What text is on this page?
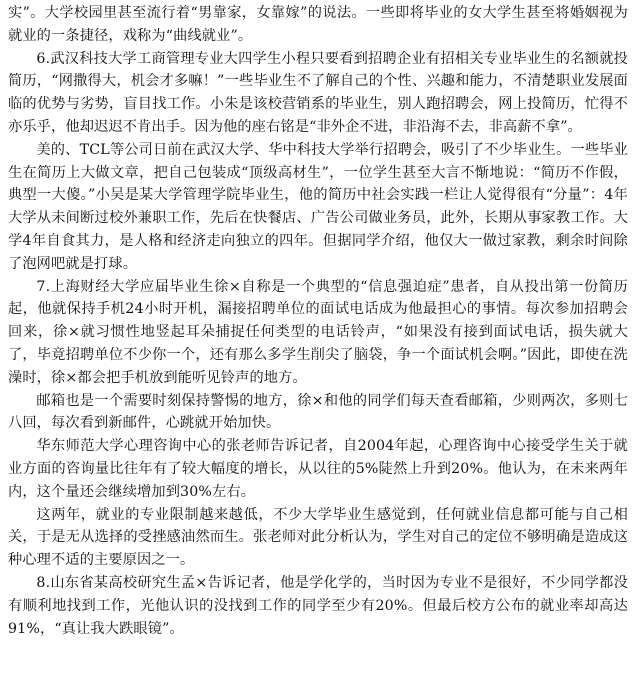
实”。大学校园里甚至流行着“男靠家，女靠嫁”的说法。一些即将毕业的女大学生甚至将婚姻视为就业的一条捷径，戏称为“曲线就业”。

6.武汉科技大学工商管理专业大四学生小程只要看到招聘企业有招相关专业毕业生的名额就投简历，“网撒得大，机会才多嘛！”一些毕业生不了解自己的个性、兴趣和能力，不清楚职业发展面临的优势与劣势，盲目找工作。小朱是该校营销系的毕业生，别人跑招聘会，网上投简历，忙得不亦乐乎，他却迟迟不肯出手。因为他的座右铭是“非外企不进，非沿海不去，非高薪不拿”。

美的、TCL等公司日前在武汉大学、华中科技大学举行招聘会，吸引了不少毕业生。一些毕业生在简历上大做文章，把自己包装成“顶级高材生”，一位学生甚至大言不惭地说：“简历不作假，典型一大傻。”小吴是某大学管理学院毕业生，他的简历中社会实践一栏让人觉得很有“分量”：4年大学从未间断过校外兼职工作，先后在快餐店、广告公司做业务员，此外，长期从事家教工作。大学4年自食其力，是人格和经济走向独立的四年。但据同学介绍，他仅大一做过家教，剩余时间除了泡网吧就是打球。

7.上海财经大学应届毕业生徐×自称是一个典型的“信息强迫症”患者，自从投出第一份简历起，他就保持手机24小时开机，漏接招聘单位的面试电话成为他最担心的事情。每次参加招聘会回来，徐×就习惯性地竖起耳朵捕捉任何类型的电话铃声，“如果没有接到面试电话，损失就大了，毕竟招聘单位不少你一个，还有那么多学生削尖了脑袋，争一个面试机会啊。”因此，即使在洗澡时，徐×都会把手机放到能听见铃声的地方。

邮箱也是一个需要时刻保持警惕的地方，徐×和他的同学们每天查看邮箱，少则两次，多则七八回，每次看到新邮件，心跳就开始加快。

华东师范大学心理咨询中心的张老师告诉记者，自2004年起，心理咨询中心接受学生关于就业方面的咨询量比往年有了较大幅度的增长，从以往的5%陡然上升到20%。他认为，在未来两年内，这个量还会继续增加到30%左右。

这两年，就业的专业限制越来越低，不少大学毕业生感觉到，任何就业信息都可能与自己相关，于是无从选择的受挫感油然而生。张老师对此分析认为，学生对自己的定位不够明确是造成这种心理不适的主要原因之一。

8.山东省某高校研究生孟×告诉记者，他是学化学的，当时因为专业不是很好，不少同学都没有顺利地找到工作，光他认识的没找到工作的同学至少有20%。但最后校方公布的就业率却高达91%，“真让我大跌眼镜”。
